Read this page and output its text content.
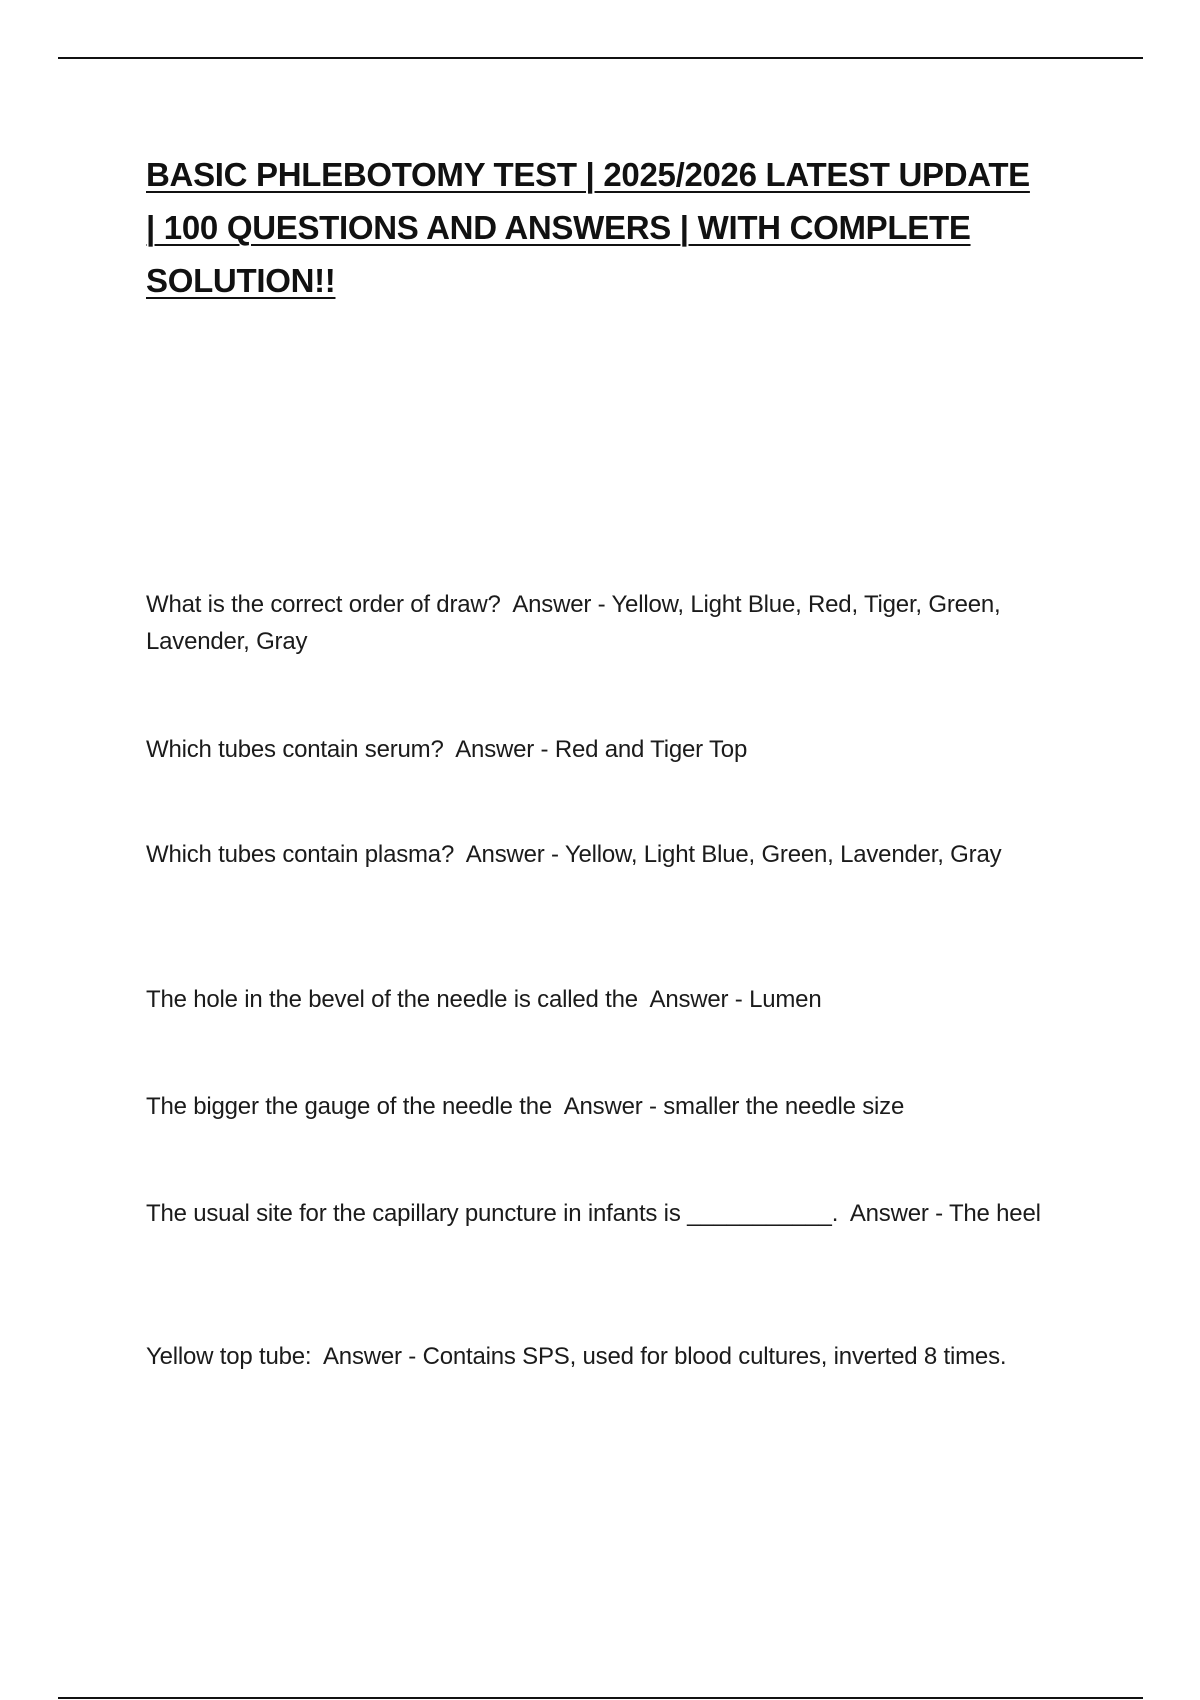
BASIC PHLEBOTOMY TEST | 2025/2026 LATEST UPDATE | 100 QUESTIONS AND ANSWERS | WITH COMPLETE SOLUTION!!

What is the correct order of draw? Answer - Yellow, Light Blue, Red, Tiger, Green, Lavender, Gray

Which tubes contain serum? Answer - Red and Tiger Top

Which tubes contain plasma? Answer - Yellow, Light Blue, Green, Lavender, Gray

The hole in the bevel of the needle is called the Answer - Lumen

The bigger the gauge of the needle the Answer - smaller the needle size

The usual site for the capillary puncture in infants is ___________. Answer - The heel

Yellow top tube: Answer - Contains SPS, used for blood cultures, inverted 8 times.
